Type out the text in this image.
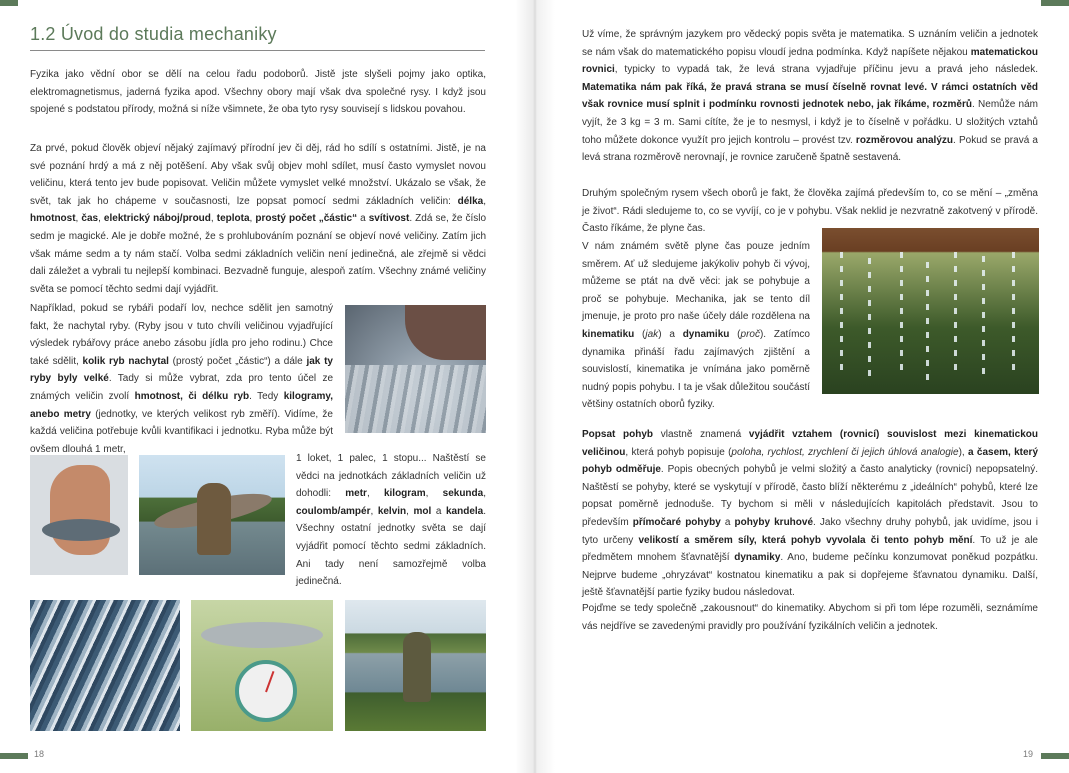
1.2 Úvod do studia mechaniky

Fyzika jako vědní obor se dělí na celou řadu podoborů. Jistě jste slyšeli pojmy jako optika, elektromagnetismus, jaderná fyzika apod. Všechny obory mají však dva společné rysy. I když jsou spojené s podstatou přírody, možná si níže všimnete, že oba tyto rysy souvisejí s lidskou povahou.

Za prvé, pokud člověk objeví nějaký zajímavý přírodní jev či děj, rád ho sdílí s ostatními. Jistě, je na své poznání hrdý a má z něj potěšení. Aby však svůj objev mohl sdílet, musí často vymyslet novou veličinu, která tento jev bude popisovat. Veličin můžete vymyslet velké množství. Ukázalo se však, že svět, tak jak ho chápeme v současnosti, lze popsat pomocí sedmi základních veličin: délka, hmotnost, čas, elektrický náboj/proud, teplota, prostý počet „částic“ a svítivost. Zdá se, že číslo sedm je magické. Ale je dobře možné, že s prohlubováním poznání se objeví nové veličiny. Zatím jich však máme sedm a ty nám stačí. Volba sedmi základních veličin není jedinečná, ale zřejmě si vědci dali záležet a vybrali tu nejlepší kombinaci. Bezvadně funguje, alespoň zatím. Všechny známé veličiny světa se pomocí těchto sedmi dají vyjádřit.

Například, pokud se rybáři podaří lov, nechce sdělit jen samotný fakt, že nachytal ryby. (Ryby jsou v tuto chvíli veličinou vyjadřující výsledek rybářovy práce anebo zásobu jídla pro jeho rodinu.) Chce také sdělit, kolik ryb nachytal (prostý počet „částic“) a dále jak ty ryby byly velké. Tady si může vybrat, zda pro tento účel ze známých veličin zvolí hmotnost, či délku ryb. Tedy kilogramy, anebo metry (jednotky, ve kterých velikost ryb změří). Vidíme, že každá veličina potřebuje kvůli kvantifikaci i jednotku. Ryba může být ovšem dlouhá 1 metr,

1 loket, 1 palec, 1 stopu... Naštěstí se vědci na jednotkách základních veličin už dohodli: metr, kilogram, sekunda, coulomb/ampér, kelvin, mol a kandela. Všechny ostatní jednotky světa se dají vyjádřit pomocí těchto sedmi základních. Ani tady není samozřejmě volba jedinečná.

18

Už víme, že správným jazykem pro vědecký popis světa je matematika. S uznáním veličin a jednotek se nám však do matematického popisu vloudí jedna podmínka. Když napíšete nějakou matematickou rovnici, typicky to vypadá tak, že levá strana vyjadřuje příčinu jevu a pravá jeho následek. Matematika nám pak říká, že pravá strana se musí číselně rovnat levé. V rámci ostatních věd však rovnice musí splnit i podmínku rovnosti jednotek nebo, jak říkáme, rozměrů. Nemůže nám vyjít, že 3 kg = 3 m. Sami cítíte, že je to nesmysl, i když je to číselně v pořádku. U složitých vztahů toho můžete dokonce využít pro jejich kontrolu – provést tzv. rozměrovou analýzu. Pokud se pravá a levá strana rozměrově nerovnají, je rovnice zaručeně špatně sestavená.

Druhým společným rysem všech oborů je fakt, že člověka zajímá především to, co se mění – „změna je život“. Rádi sledujeme to, co se vyvíjí, co je v pohybu. Však neklid je nezvratně zakotvený v přírodě. Často říkáme, že plyne čas.

V nám známém světě plyne čas pouze jedním směrem. Ať už sledujeme jakýkoliv pohyb či vývoj, můžeme se ptát na dvě věci: jak se pohybuje a proč se pohybuje. Mechanika, jak se tento díl jmenuje, je proto pro naše účely dále rozdělena na kinematiku (jak) a dynamiku (proč). Zatímco dynamika přináší řadu zajímavých zjištění a souvislostí, kinematika je vnímána jako poměrně nudný popis pohybu. I ta je však důležitou součástí většiny ostatních oborů fyziky.

Popsat pohyb vlastně znamená vyjádřit vztahem (rovnicí) souvislost mezi kinematickou veličinou, která pohyb popisuje (poloha, rychlost, zrychlení či jejich úhlová analogie), a časem, který pohyb odměřuje. Popis obecných pohybů je velmi složitý a často analyticky (rovnicí) nepopsatelný. Naštěstí se pohyby, které se vyskytují v přírodě, často blíží některému z „ideálních“ pohybů, které lze popsat poměrně jednoduše. Ty bychom si měli v následujících kapitolách představit. Jsou to především přímočaré pohyby a pohyby kruhové. Jako všechny druhy pohybů, jak uvidíme, jsou i tyto určeny velikostí a směrem síly, která pohyb vyvolala či tento pohyb mění. To už je ale předmětem mnohem šťavnatější dynamiky. Ano, budeme pečínku konzumovat poněkud pozpátku. Nejprve budeme „ohryzávat“ kostnatou kinematiku a pak si dopřejeme šťavnatou dynamiku. Další, ještě šťavnatější partie fyziky budou následovat.

Pojďme se tedy společně „zakousnout“ do kinematiky. Abychom si při tom lépe rozuměli, seznámíme vás nejdříve se zavedenými pravidly pro používání fyzikálních veličin a jednotek.

19
